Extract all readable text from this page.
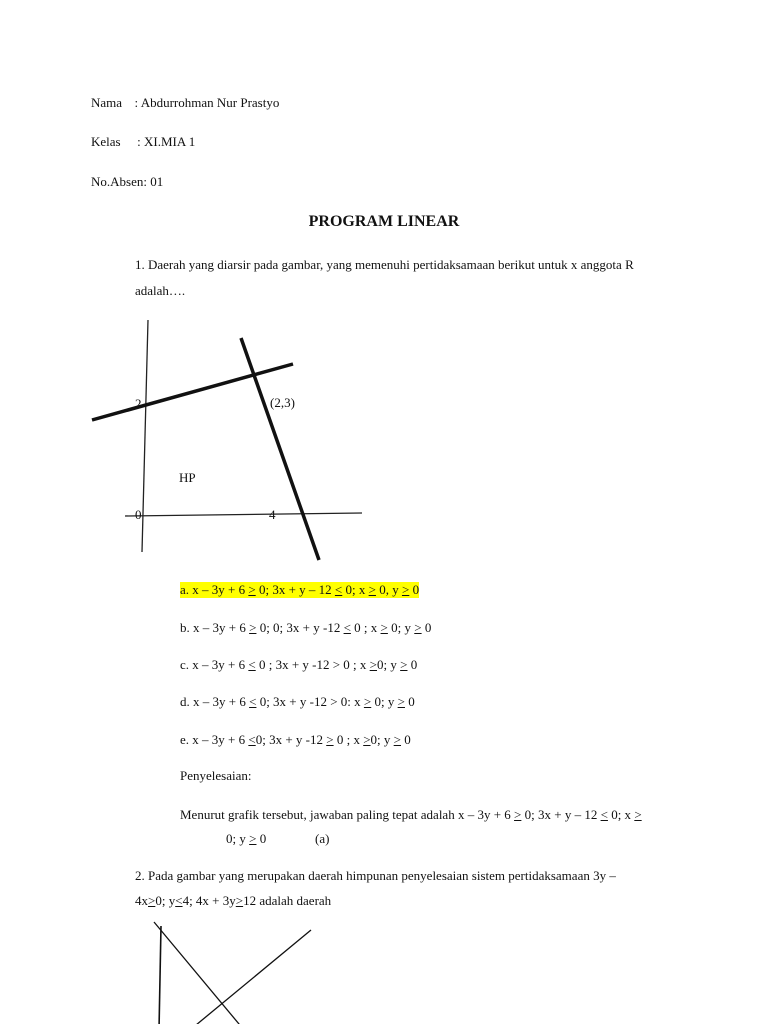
Nama : Abdurrohman Nur Prastyo
Kelas : XI.MIA 1
No.Absen: 01
PROGRAM LINEAR
1. Daerah yang diarsir pada gambar, yang memenuhi pertidaksamaan berikut untuk x anggota R
adalah….
2	(2,3)
HP
0	4
a. x – 3y + 6 > 0; 3x + y – 12 < 0; x > 0, y > 0
b. x – 3y + 6 > 0; 0; 3x + y -12 < 0 ; x > 0; y > 0
c. x – 3y + 6 < 0 ; 3x + y -12 > 0 ; x >0; y > 0
d. x – 3y + 6 < 0; 3x + y -12 > 0: x > 0; y > 0
e. x – 3y + 6 <0; 3x + y -12 > 0 ; x >0; y > 0
Penyelesaian:
Menurut grafik tersebut, jawaban paling tepat adalah x – 3y + 6 > 0; 3x + y – 12 < 0; x >
0; y > 0	(a)
2. Pada gambar yang merupakan daerah himpunan penyelesaian sistem pertidaksamaan 3y –
4x>0; y<4; 4x + 3y>12 adalah daerah
